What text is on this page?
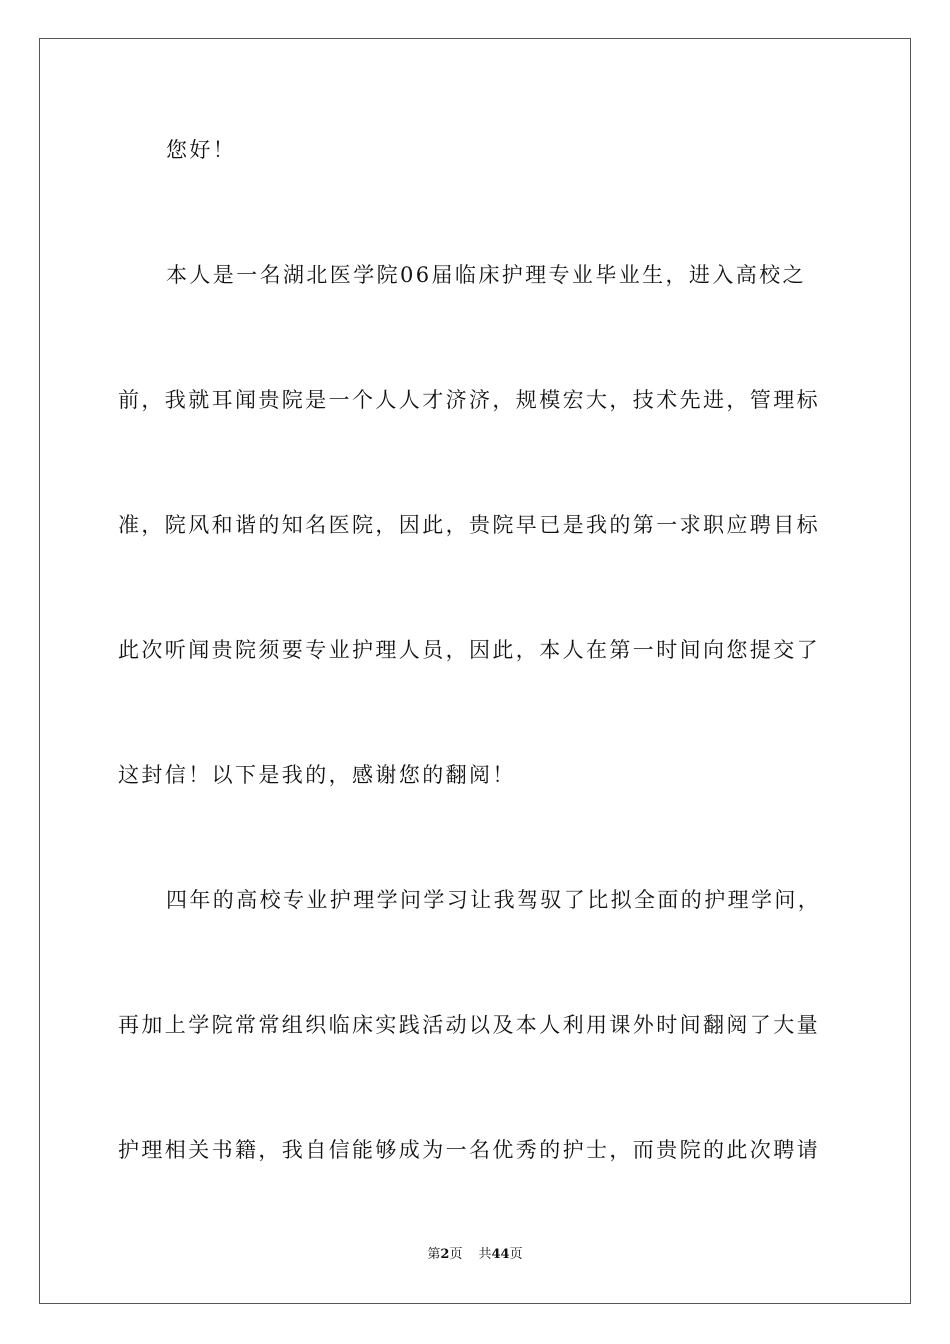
您好！
本人是一名湖北医学院06届临床护理专业毕业生，进入高校之
前，我就耳闻贵院是一个人人才济济，规模宏大，技术先进，管理标
准，院风和谐的知名医院，因此，贵院早已是我的第一求职应聘目标
此次听闻贵院须要专业护理人员，因此，本人在第一时间向您提交了
这封信！以下是我的，感谢您的翻阅！
四年的高校专业护理学问学习让我驾驭了比拟全面的护理学问，
再加上学院常常组织临床实践活动以及本人利用课外时间翻阅了大量
护理相关书籍，我自信能够成为一名优秀的护士，而贵院的此次聘请
第2页 共44页
